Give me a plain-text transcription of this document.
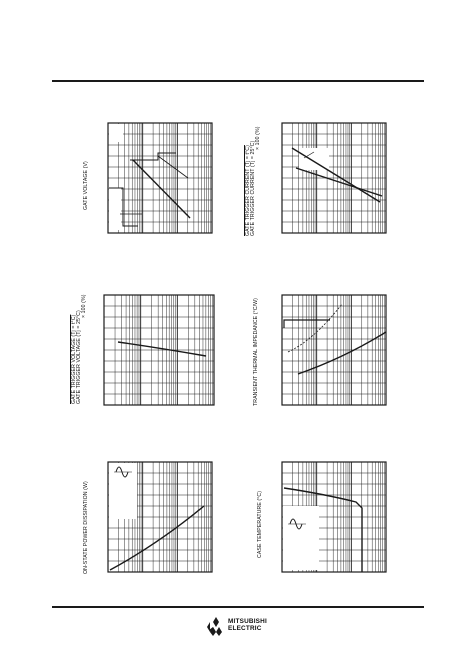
GATE VOLTAGE (V)	GATE TRIGGER CURRENT (Tj = t°C) GATE TRIGGER CURRENT (Tj = 25°C)
× 100 (%)
GATE TRIGGER VOLTAGE (Tj = t°C) GATE TRIGGER VOLTAGE (Tj = 25°C)
× 100 (%)	TRANSIENT THERMAL IMPEDANCE (°C/W)
ON-STATE POWER DISSIPATION (W)	CASE TEMPERATURE (°C)
MITSUBISHI
ELECTRIC
